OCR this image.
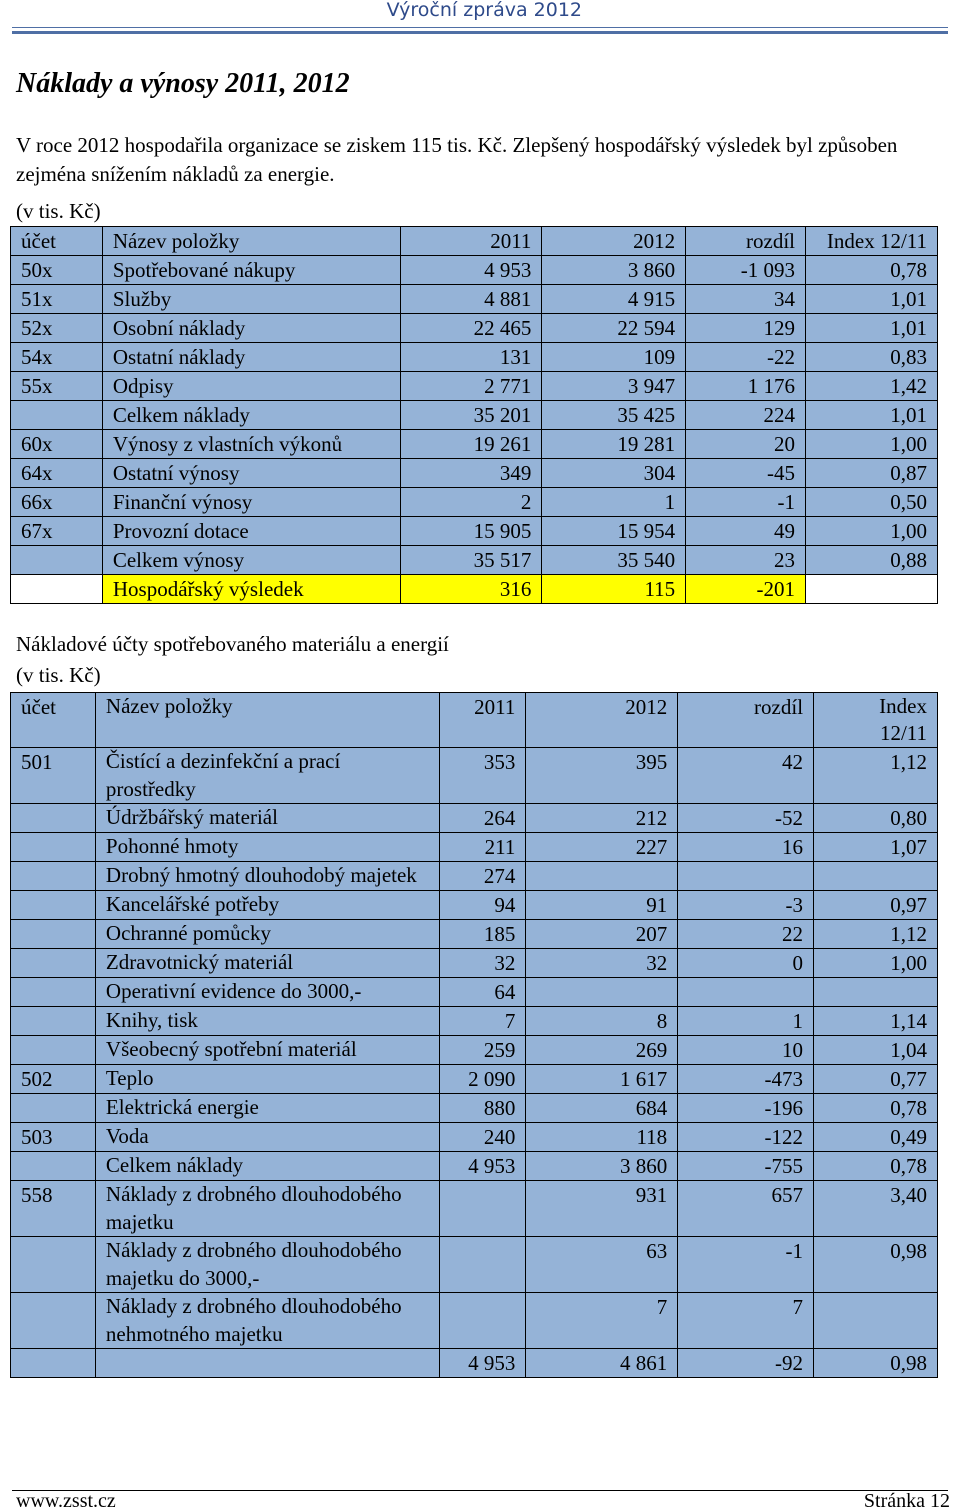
Výroční zpráva 2012
Náklady a výnosy 2011, 2012

V roce 2012 hospodařila organizace se ziskem 115 tis. Kč. Zlepšený hospodářský výsledek byl způsoben zejména snížením nákladů za energie.

(v tis. Kč)

účet	Název položky	2011	2012	rozdíl	Index 12/11
50x	Spotřebované nákupy	4 953	3 860	-1 093	0,78
51x	Služby	4 881	4 915	34	1,01
52x	Osobní náklady	22 465	22 594	129	1,01
54x	Ostatní náklady	131	109	-22	0,83
55x	Odpisy	2 771	3 947	1 176	1,42
	Celkem náklady	35 201	35 425	224	1,01
60x	Výnosy z vlastních výkonů	19 261	19 281	20	1,00
64x	Ostatní výnosy	349	304	-45	0,87
66x	Finanční výnosy	2	1	-1	0,50
67x	Provozní dotace	15 905	15 954	49	1,00
	Celkem výnosy	35 517	35 540	23	0,88
	Hospodářský výsledek	316	115	-201	
Nákladové účty spotřebovaného materiálu a energií

(v tis. Kč)

účet	Název položky	2011	2012	rozdíl	Index 12/11
501	Čistící a dezinfekční a prací prostředky	353	395	42	1,12
	Údržbářský materiál	264	212	-52	0,80
	Pohonné hmoty	211	227	16	1,07
	Drobný hmotný dlouhodobý majetek	274			
	Kancelářské potřeby	94	91	-3	0,97
	Ochranné pomůcky	185	207	22	1,12
	Zdravotnický materiál	32	32	0	1,00
	Operativní evidence do 3000,-	64			
	Knihy, tisk	7	8	1	1,14
	Všeobecný spotřební materiál	259	269	10	1,04
502	Teplo	2 090	1 617	-473	0,77
	Elektrická energie	880	684	-196	0,78
503	Voda	240	118	-122	0,49
	Celkem náklady	4 953	3 860	-755	0,78
558	Náklady z drobného dlouhodobého majetku		931	657	3,40
	Náklady z drobného dlouhodobého majetku do 3000,-		63	-1	0,98
	Náklady z drobného dlouhodobého nehmotného majetku		7	7	
		4 953	4 861	-92	0,98
www.zsst.cz	Stránka 12
